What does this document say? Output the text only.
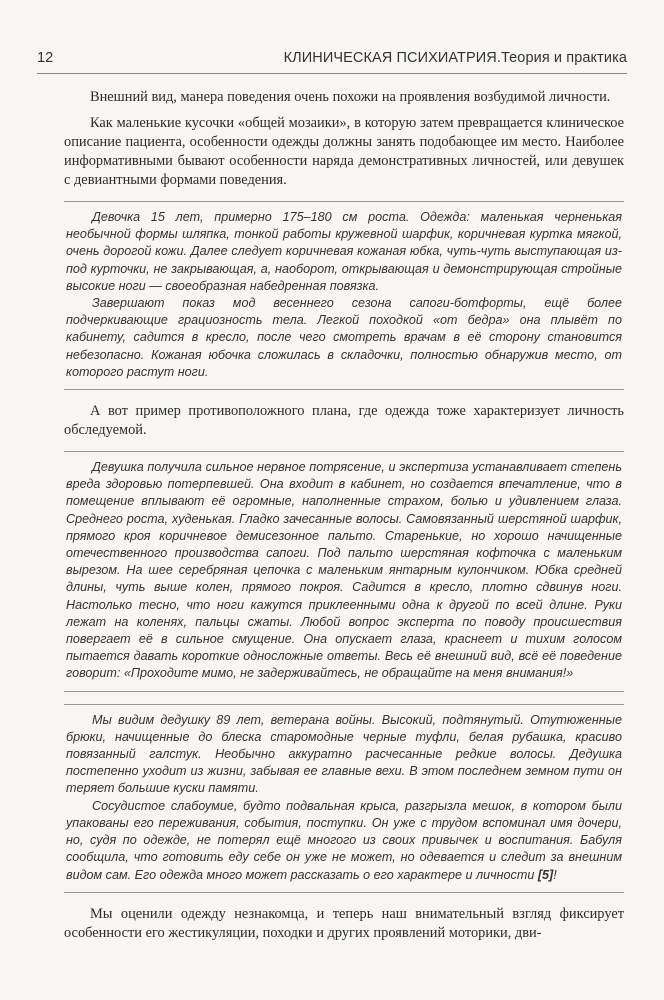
12	КЛИНИЧЕСКАЯ ПСИХИАТРИЯ.Теория и практика

Внешний вид, манера поведения очень похожи на проявления возбудимой личности.

Как маленькие кусочки «общей мозаики», в которую затем превращается клиническое описание пациента, особенности одежды должны занять подобающее им место. Наиболее информативными бывают особенности наряда демонстративных личностей, или девушек с девиантными формами поведения.

Девочка 15 лет, примерно 175–180 см роста. Одежда: маленькая черненькая необычной формы шляпка, тонкой работы кружевной шарфик, коричневая куртка мягкой, очень дорогой кожи. Далее следует коричневая кожаная юбка, чуть-чуть выступающая из-под курточки, не закрывающая, а, наоборот, открывающая и демонстрирующая стройные высокие ноги — своеобразная набедренная повязка.

Завершают показ мод весеннего сезона сапоги-ботфорты, ещё более подчеркивающие грациозность тела. Легкой походкой «от бедра» она плывёт по кабинету, садится в кресло, после чего смотреть врачам в её сторону становится небезопасно. Кожаная юбочка сложилась в складочки, полностью обнаружив место, от которого растут ноги.

А вот пример противоположного плана, где одежда тоже характеризует личность обследуемой.

Девушка получила сильное нервное потрясение, и экспертиза устанавливает степень вреда здоровью потерпевшей. Она входит в кабинет, но создается впечатление, что в помещение вплывают её огромные, наполненные страхом, болью и удивлением глаза. Среднего роста, худенькая. Гладко зачесанные волосы. Самовязанный шерстяной шарфик, прямого кроя коричневое демисезонное пальто. Старенькие, но хорошо начищенные отечественного производства сапоги. Под пальто шерстяная кофточка с маленьким вырезом. На шее серебряная цепочка с маленьким янтарным кулончиком. Юбка средней длины, чуть выше колен, прямого покроя. Садится в кресло, плотно сдвинув ноги. Настолько тесно, что ноги кажутся приклеенными одна к другой по всей длине. Руки лежат на коленях, пальцы сжаты. Любой вопрос эксперта по поводу происшествия повергает её в сильное смущение. Она опускает глаза, краснеет и тихим голосом пытается давать короткие односложные ответы. Весь её внешний вид, всё её поведение говорит: «Проходите мимо, не задерживайтесь, не обращайте на меня внимания!»

Мы видим дедушку 89 лет, ветерана войны. Высокий, подтянутый. Отутюженные брюки, начищенные до блеска старомодные черные туфли, белая рубашка, красиво повязанный галстук. Необычно аккуратно расчесанные редкие волосы. Дедушка постепенно уходит из жизни, забывая ее главные вехи. В этом последнем земном пути он теряет большие куски памяти.

Сосудистое слабоумие, будто подвальная крыса, разгрызла мешок, в котором были упакованы его переживания, события, поступки. Он уже с трудом вспоминал имя дочери, но, судя по одежде, не потерял ещё многого из своих привычек и воспитания. Бабуля сообщила, что готовить еду себе он уже не может, но одевается и следит за внешним видом сам. Его одежда много может рассказать о его характере и личности [5]!

Мы оценили одежду незнакомца, и теперь наш внимательный взгляд фиксирует особенности его жестикуляции, походки и других проявлений моторики, дви-
